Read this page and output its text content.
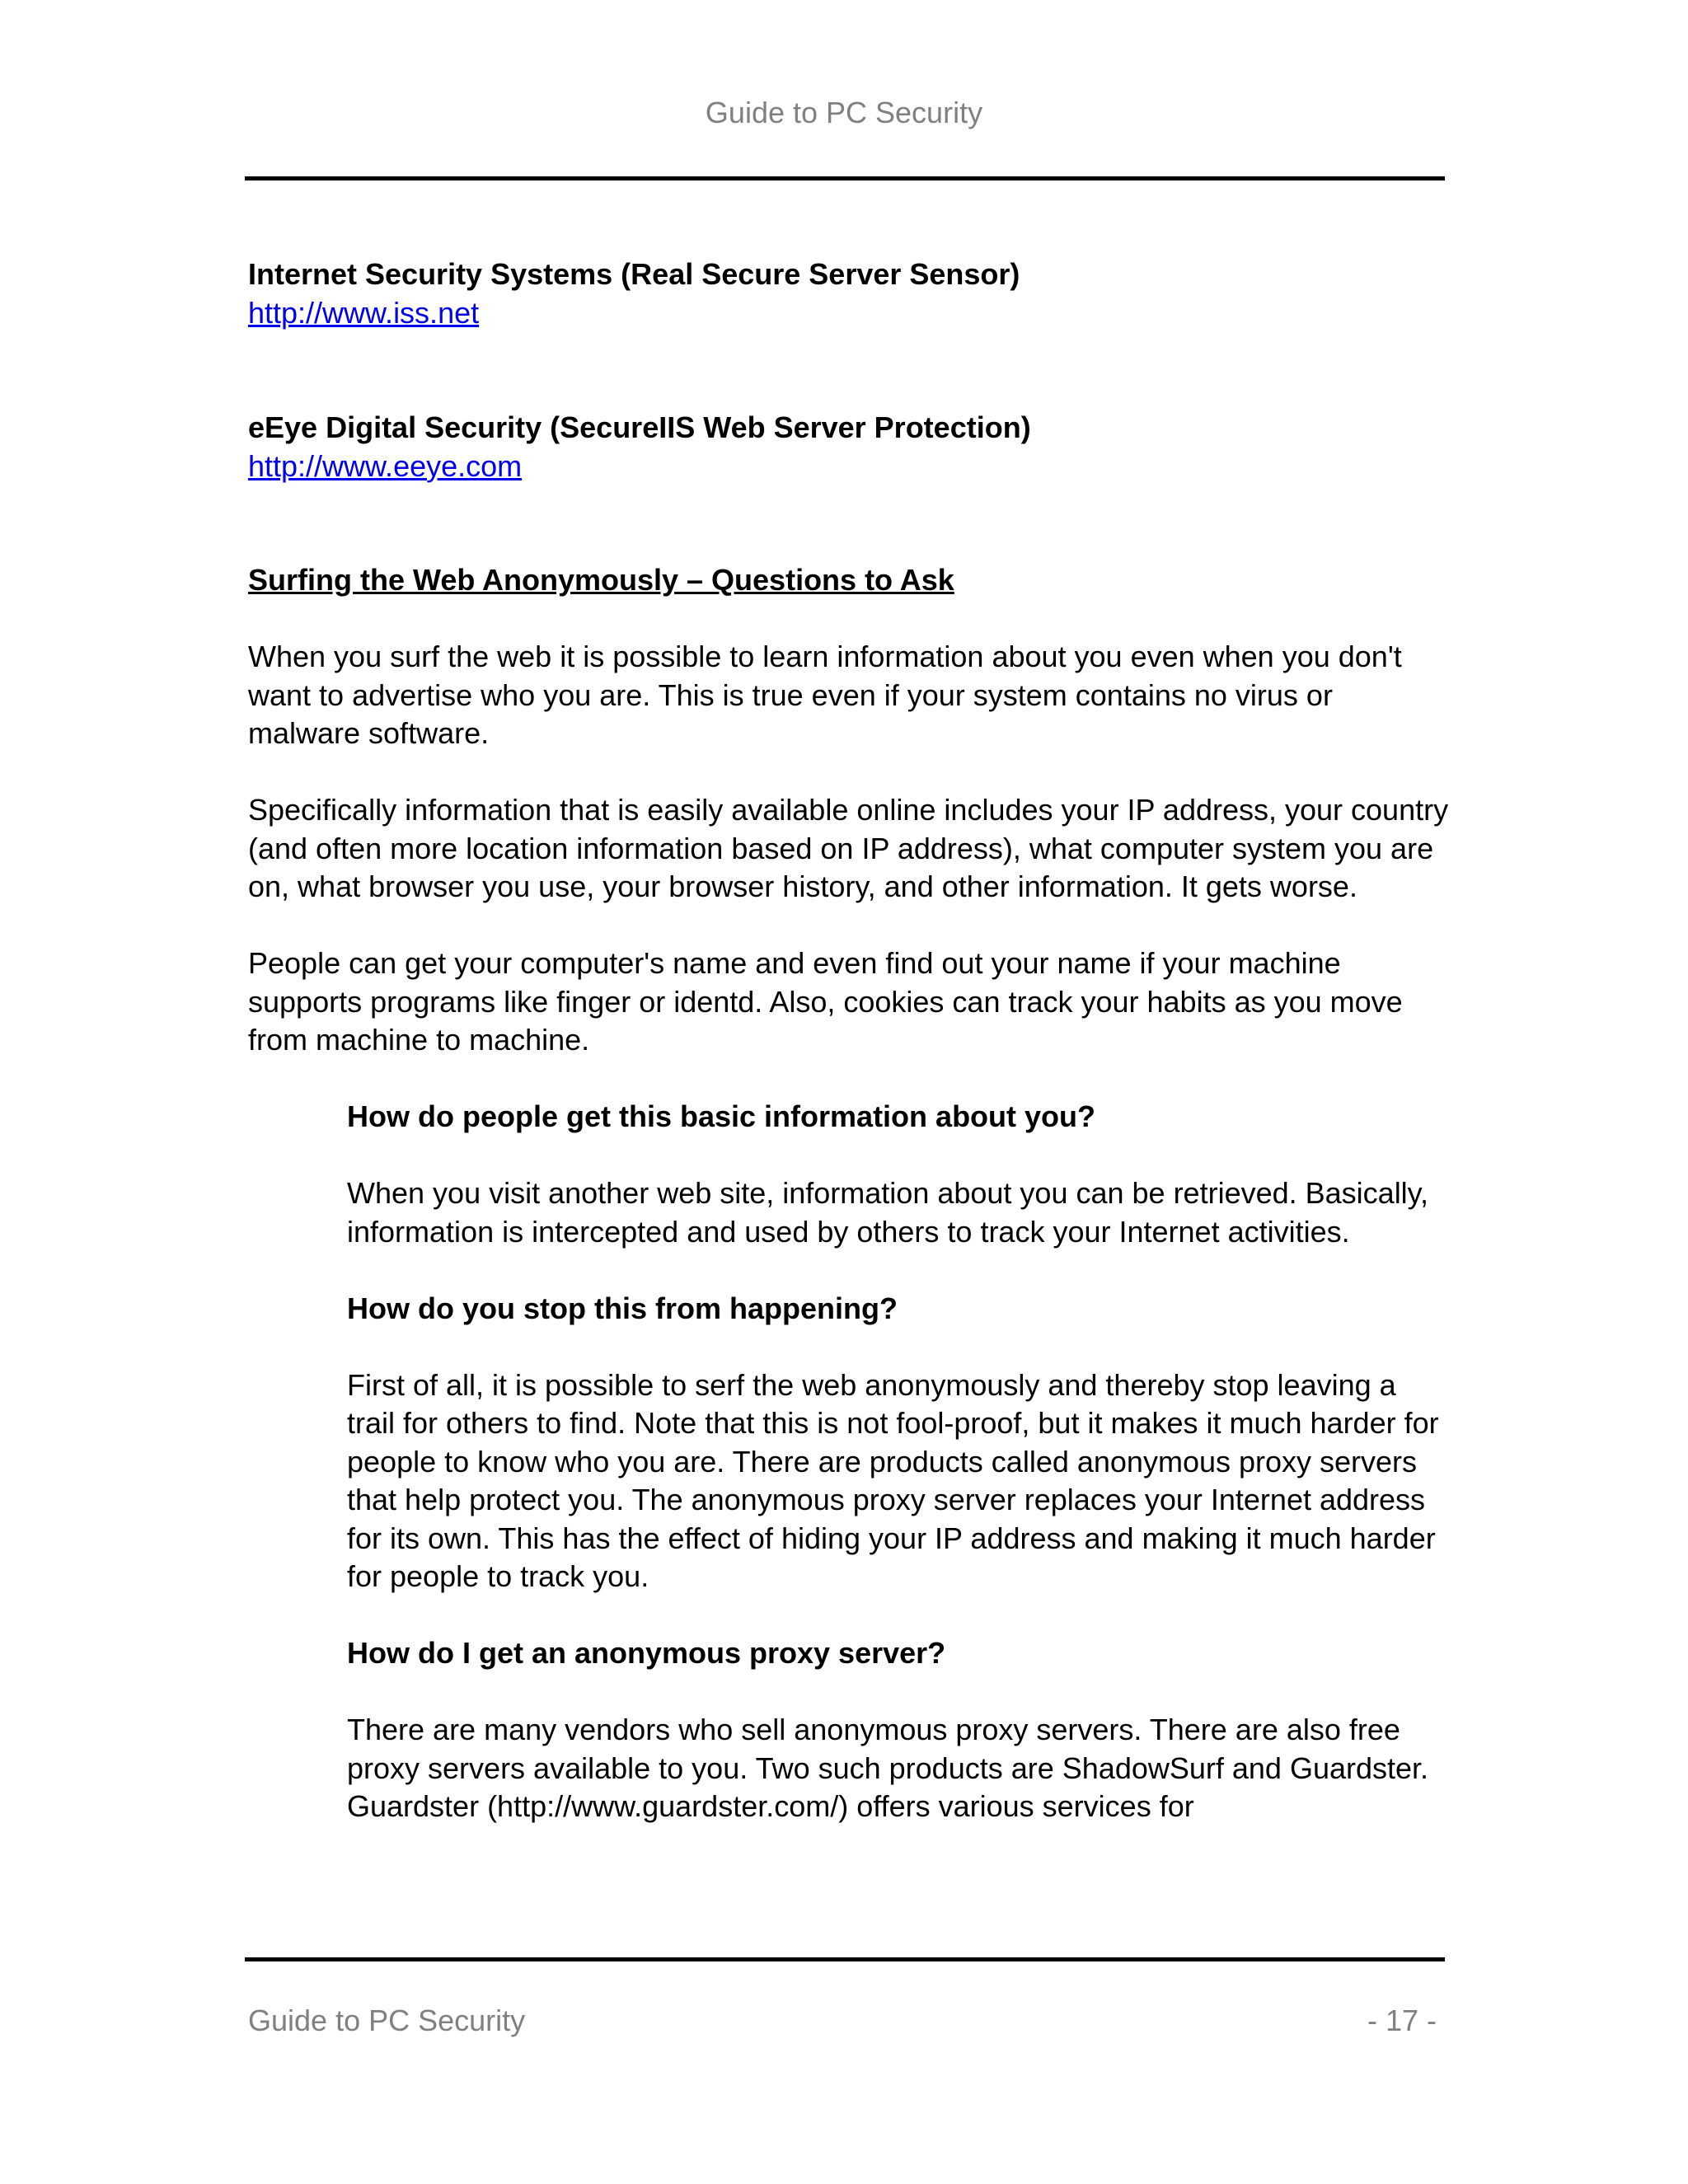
Guide to PC Security
Internet Security Systems (Real Secure Server Sensor)
http://www.iss.net
eEye Digital Security (SecureIIS Web Server Protection)
http://www.eeye.com
Surfing the Web Anonymously – Questions to Ask

When you surf the web it is possible to learn information about you even when you don't want to advertise who you are. This is true even if your system contains no virus or malware software.

Specifically information that is easily available online includes your IP address, your country (and often more location information based on IP address), what computer system you are on, what browser you use, your browser history, and other information. It gets worse.

People can get your computer's name and even find out your name if your machine supports programs like finger or identd. Also, cookies can track your habits as you move from machine to machine.

How do people get this basic information about you?
When you visit another web site, information about you can be retrieved. Basically, information is intercepted and used by others to track your Internet activities.
How do you stop this from happening?
First of all, it is possible to serf the web anonymously and thereby stop leaving a trail for others to find. Note that this is not fool-proof, but it makes it much harder for people to know who you are. There are products called anonymous proxy servers that help protect you. The anonymous proxy server replaces your Internet address for its own. This has the effect of hiding your IP address and making it much harder for people to track you.
How do I get an anonymous proxy server?
There are many vendors who sell anonymous proxy servers. There are also free proxy servers available to you. Two such products are ShadowSurf and Guardster. Guardster (http://www.guardster.com/) offers various services for
Guide to PC Security	- 17 -
